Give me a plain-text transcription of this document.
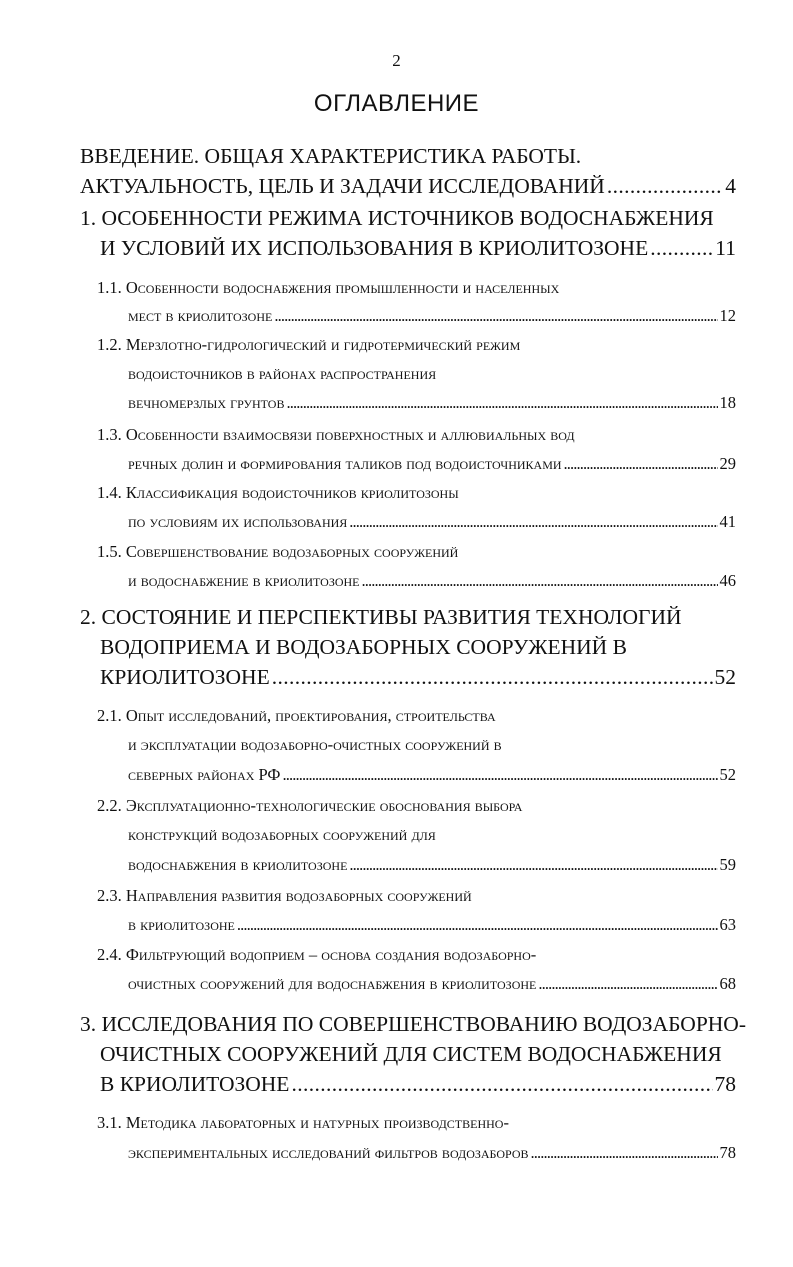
2
ОГЛАВЛЕНИЕ
ВВЕДЕНИЕ. ОБЩАЯ ХАРАКТЕРИСТИКА РАБОТЫ.
АКТУАЛЬНОСТЬ, ЦЕЛЬ И ЗАДАЧИ ИССЛЕДОВАНИЙ . . .	4
1. ОСОБЕННОСТИ РЕЖИМА ИСТОЧНИКОВ ВОДОСНАБЖЕНИЯ
И УСЛОВИЙ ИХ ИСПОЛЬЗОВАНИЯ В КРИОЛИТОЗОНЕ . . .	11
1.1. Особенности водоснабжения промышленности и населенных
мест в криолитозоне . . .	12
1.2. Мерзлотно-гидрологический и гидротермический режим
водоисточников в районах распространения
вечномерзлых грунтов . . .	18
1.3. Особенности взаимосвязи поверхностных и аллювиальных вод
речных долин и формирования таликов под водоисточниками . . .	29
1.4. Классификация водоисточников криолитозоны
по условиям их использования . . .	41
1.5. Совершенствование водозаборных сооружений
и водоснабжение в криолитозоне . . .	46
2. СОСТОЯНИЕ И ПЕРСПЕКТИВЫ РАЗВИТИЯ ТЕХНОЛОГИЙ
ВОДОПРИЕМА И ВОДОЗАБОРНЫХ СООРУЖЕНИЙ В
КРИОЛИТОЗОНЕ . . .	52
2.1. Опыт исследований, проектирования, строительства
и эксплуатации водозаборно-очистных сооружений в
северных районах РФ . . .	52
2.2. Эксплуатационно-технологические обоснования выбора
конструкций водозаборных сооружений для
водоснабжения в криолитозоне . . .	59
2.3. Направления развития водозаборных сооружений
в криолитозоне . . .	63
2.4. Фильтрующий водоприем – основа создания водозаборно-
очистных сооружений для водоснабжения в криолитозоне . . .	68
3. ИССЛЕДОВАНИЯ ПО СОВЕРШЕНСТВОВАНИЮ ВОДОЗАБОРНО-
ОЧИСТНЫХ СООРУЖЕНИЙ ДЛЯ СИСТЕМ ВОДОСНАБЖЕНИЯ
В КРИОЛИТОЗОНЕ . . .	78
3.1. Методика лабораторных и натурных производственно-
экспериментальных исследований фильтров водозаборов . . .	78
